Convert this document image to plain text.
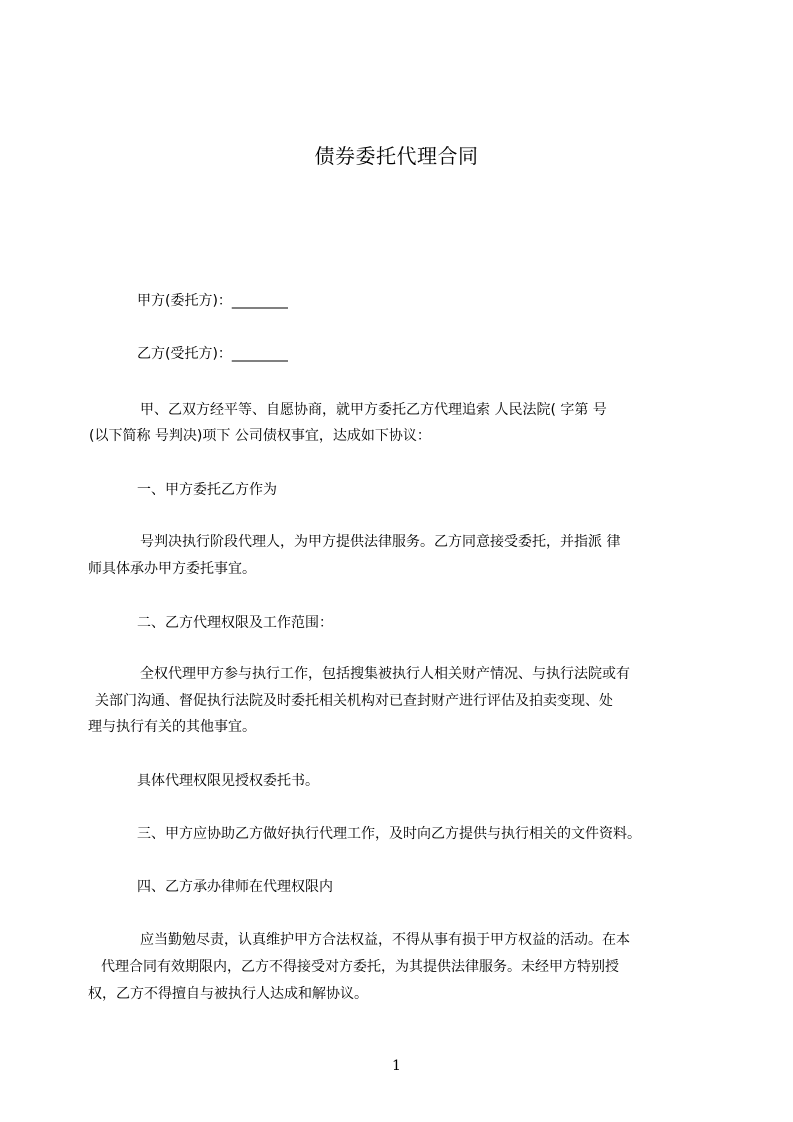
债券委托代理合同
甲方(委托方)：________
乙方(受托方)：________
甲、乙双方经平等、自愿协商，就甲方委托乙方代理追索 人民法院( 字第 号
(以下简称 号判决)项下 公司债权事宜，达成如下协议：
一、甲方委托乙方作为
号判决执行阶段代理人，为甲方提供法律服务。乙方同意接受委托，并指派 律
师具体承办甲方委托事宜。
二、乙方代理权限及工作范围：
全权代理甲方参与执行工作，包括搜集被执行人相关财产情况、与执行法院或有
关部门沟通、督促执行法院及时委托相关机构对已查封财产进行评估及拍卖变现、处
理与执行有关的其他事宜。
具体代理权限见授权委托书。
三、甲方应协助乙方做好执行代理工作，及时向乙方提供与执行相关的文件资料。
四、乙方承办律师在代理权限内
应当勤勉尽责，认真维护甲方合法权益，不得从事有损于甲方权益的活动。在本
代理合同有效期限内，乙方不得接受对方委托，为其提供法律服务。未经甲方特别授
权，乙方不得擅自与被执行人达成和解协议。
1
